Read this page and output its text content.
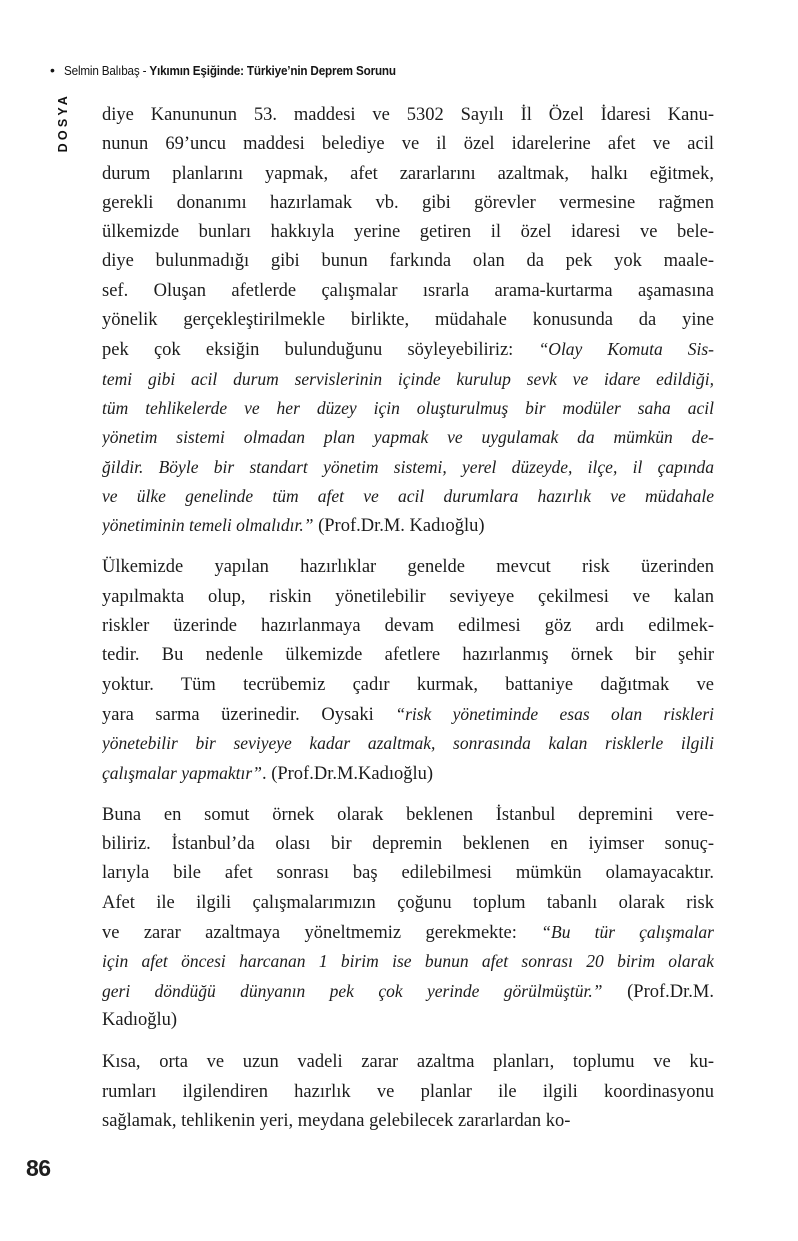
• Selmin Balıbaş - Yıkımın Eşiğinde: Türkiye’nin Deprem Sorunu
DOSYA diye Kanununun 53. maddesi ve 5302 Sayılı İl Özel İdaresi Kanu-
nunun 69’uncu maddesi belediye ve il özel idarelerine afet ve acil
durum planlarını yapmak, afet zararlarını azaltmak, halkı eğitmek,
gerekli donanımı hazırlamak vb. gibi görevler vermesine rağmen
ülkemizde bunları hakkıyla yerine getiren il özel idaresi ve bele-
diye bulunmadığı gibi bunun farkında olan da pek yok maale-
sef. Oluşan afetlerde çalışmalar ısrarla arama-kurtarma aşamasına
yönelik gerçekleştirilmekle birlikte, müdahale konusunda da yine
pek çok eksiğin bulunduğunu söyleyebiliriz: “Olay Komuta Sis-
temi gibi acil durum servislerinin içinde kurulup sevk ve idare edildiği,
tüm tehlikelerde ve her düzey için oluşturulmuş bir modüler saha acil
yönetim sistemi olmadan plan yapmak ve uygulamak da mümkün de-
ğildir. Böyle bir standart yönetim sistemi, yerel düzeyde, ilçe, il çapında
ve ülke genelinde tüm afet ve acil durumlara hazırlık ve müdahale
yönetiminin temeli olmalıdır.” (Prof.Dr.M. Kadıoğlu)
Ülkemizde yapılan hazırlıklar genelde mevcut risk üzerinden
yapılmakta olup, riskin yönetilebilir seviyeye çekilmesi ve kalan
riskler üzerinde hazırlanmaya devam edilmesi göz ardı edilmek-
tedir. Bu nedenle ülkemizde afetlere hazırlanmış örnek bir şehir
yoktur. Tüm tecrübemiz çadır kurmak, battaniye dağıtmak ve
yara sarma üzerinedir. Oysaki “risk yönetiminde esas olan riskleri
yönetebilir bir seviyeye kadar azaltmak, sonrasında kalan risklerle ilgili
çalışmalar yapmaktır”. (Prof.Dr.M.Kadıoğlu)
Buna en somut örnek olarak beklenen İstanbul depremini vere-
biliriz. İstanbul’da olası bir depremin beklenen en iyimser sonuç-
larıyla bile afet sonrası baş edilebilmesi mümkün olamayacaktır.
Afet ile ilgili çalışmalarımızın çoğunu toplum tabanlı olarak risk
ve zarar azaltmaya yöneltmemiz gerekmekte: “Bu tür çalışmalar
için afet öncesi harcanan 1 birim ise bunun afet sonrası 20 birim olarak
geri döndüğü dünyanın pek çok yerinde görülmüştür.” (Prof.Dr.M.
Kadıoğlu)
Kısa, orta ve uzun vadeli zarar azaltma planları, toplumu ve ku-
rumları ilgilendiren hazırlık ve planlar ile ilgili koordinasyonu
sağlamak, tehlikenin yeri, meydana gelebilecek zararlardan ko-
86
